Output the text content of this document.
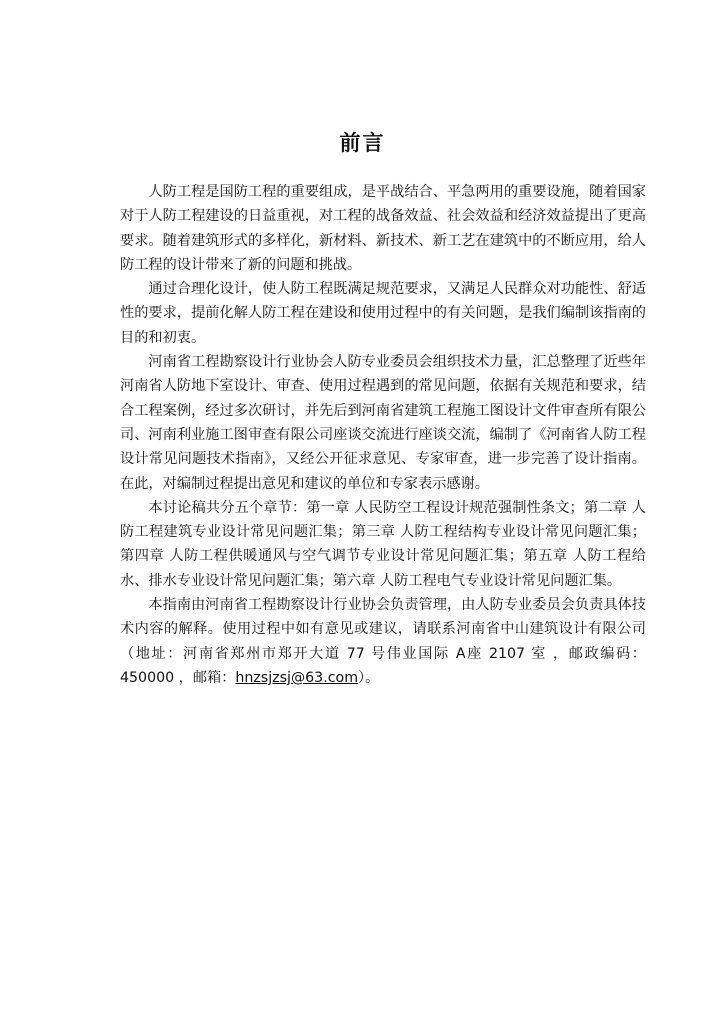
前言

人防工程是国防工程的重要组成，是平战结合、平急两用的重要设施，随着国家对于人防工程建设的日益重视，对工程的战备效益、社会效益和经济效益提出了更高要求。随着建筑形式的多样化，新材料、新技术、新工艺在建筑中的不断应用，给人防工程的设计带来了新的问题和挑战。

通过合理化设计，使人防工程既满足规范要求，又满足人民群众对功能性、舒适性的要求，提前化解人防工程在建设和使用过程中的有关问题，是我们编制该指南的目的和初衷。

河南省工程勘察设计行业协会人防专业委员会组织技术力量，汇总整理了近些年河南省人防地下室设计、审查、使用过程遇到的常见问题，依据有关规范和要求，结合工程案例，经过多次研讨，并先后到河南省建筑工程施工图设计文件审查所有限公司、河南利业施工图审查有限公司座谈交流进行座谈交流，编制了《河南省人防工程设计常见问题技术指南》，又经公开征求意见、专家审查，进一步完善了设计指南。在此，对编制过程提出意见和建议的单位和专家表示感谢。

本讨论稿共分五个章节：第一章 人民防空工程设计规范强制性条文；第二章 人防工程建筑专业设计常见问题汇集；第三章 人防工程结构专业设计常见问题汇集；第四章 人防工程供暖通风与空气调节专业设计常见问题汇集；第五章 人防工程给水、排水专业设计常见问题汇集；第六章 人防工程电气专业设计常见问题汇集。

本指南由河南省工程勘察设计行业协会负责管理，由人防专业委员会负责具体技术内容的解释。使用过程中如有意见或建议，请联系河南省中山建筑设计有限公司（地址：河南省郑州市郑开大道 77 号伟业国际 A座 2107 室 ，邮政编码：450000 ，邮箱：hnzsjzsj@63.com）。
